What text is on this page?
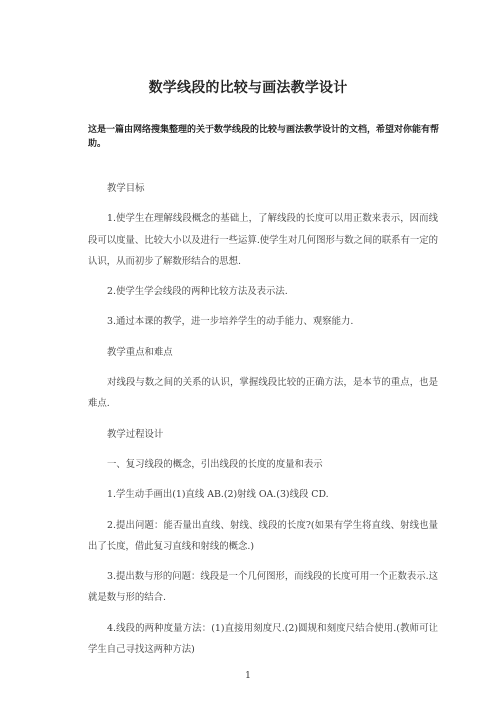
数学线段的比较与画法教学设计
这是一篇由网络搜集整理的关于数学线段的比较与画法教学设计的文档，希望对你能有帮助。

教学目标

1.使学生在理解线段概念的基础上，了解线段的长度可以用正数来表示，因而线段可以度量、比较大小以及进行一些运算.使学生对几何图形与数之间的联系有一定的认识，从而初步了解数形结合的思想.

2.使学生学会线段的两种比较方法及表示法.

3.通过本课的教学，进一步培养学生的动手能力、观察能力.

教学重点和难点

对线段与数之间的关系的认识，掌握线段比较的正确方法，是本节的重点，也是难点.

教学过程设计

一、复习线段的概念，引出线段的长度的度量和表示

1.学生动手画出(1)直线 AB.(2)射线 OA.(3)线段 CD.

2.提出问题：能否量出直线、射线、线段的长度?(如果有学生将直线、射线也量出了长度，借此复习直线和射线的概念.)

3.提出数与形的问题：线段是一个几何图形，而线段的长度可用一个正数表示.这就是数与形的结合.

4.线段的两种度量方法：(1)直接用刻度尺.(2)圆规和刻度尺结合使用.(教师可让学生自己寻找这两种方法)

1
